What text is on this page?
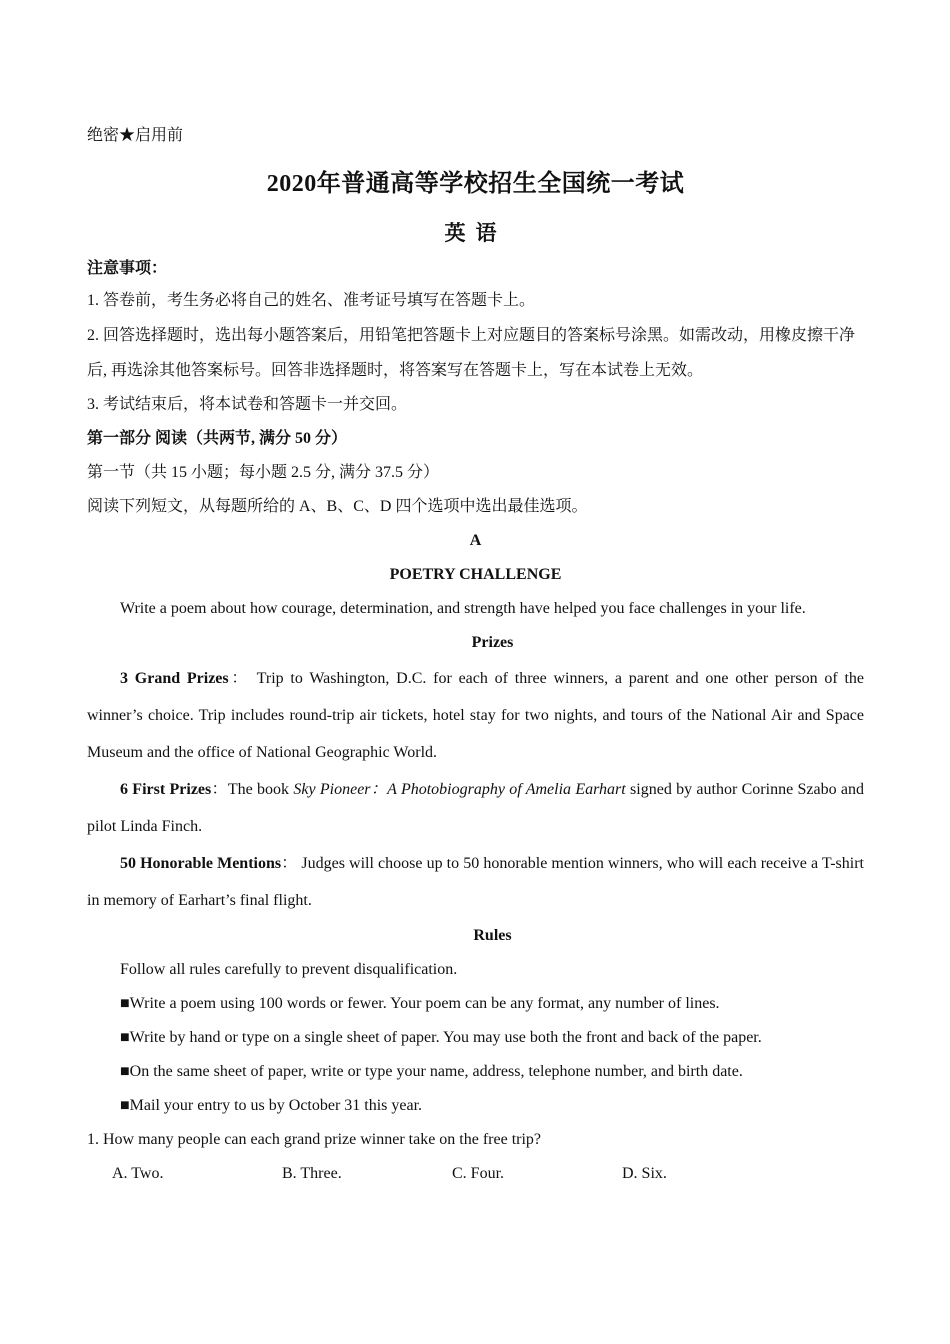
绝密★启用前
2020年普通高等学校招生全国统一考试
英语
注意事项：
1. 答卷前，考生务必将自己的姓名、准考证号填写在答题卡上。
2. 回答选择题时，选出每小题答案后，用铅笔把答题卡上对应题目的答案标号涂黑。如需改动，用橡皮擦干净后, 再选涂其他答案标号。回答非选择题时，将答案写在答题卡上，写在本试卷上无效。
3. 考试结束后，将本试卷和答题卡一并交回。
第一部分 阅读（共两节, 满分 50 分）
第一节（共 15 小题；每小题 2.5 分, 满分 37.5 分）
阅读下列短文，从每题所给的 A、B、C、D 四个选项中选出最佳选项。
A
POETRY CHALLENGE
Write a poem about how courage, determination, and strength have helped you face challenges in your life.
Prizes
3 Grand Prizes： Trip to Washington, D.C. for each of three winners, a parent and one other person of the winner’s choice. Trip includes round-trip air tickets, hotel stay for two nights, and tours of the National Air and Space Museum and the office of National Geographic World.
6 First Prizes：The book Sky Pioneer：A Photobiography of Amelia Earhart signed by author Corinne Szabo and pilot Linda Finch.
50 Honorable Mentions： Judges will choose up to 50 honorable mention winners, who will each receive a T-shirt in memory of Earhart’s final flight.
Rules
Follow all rules carefully to prevent disqualification.
■Write a poem using 100 words or fewer. Your poem can be any format, any number of lines.
■Write by hand or type on a single sheet of paper. You may use both the front and back of the paper.
■On the same sheet of paper, write or type your name, address, telephone number, and birth date.
■Mail your entry to us by October 31 this year.
1. How many people can each grand prize winner take on the free trip?
A. Two.	B. Three.	C. Four.	D. Six.
